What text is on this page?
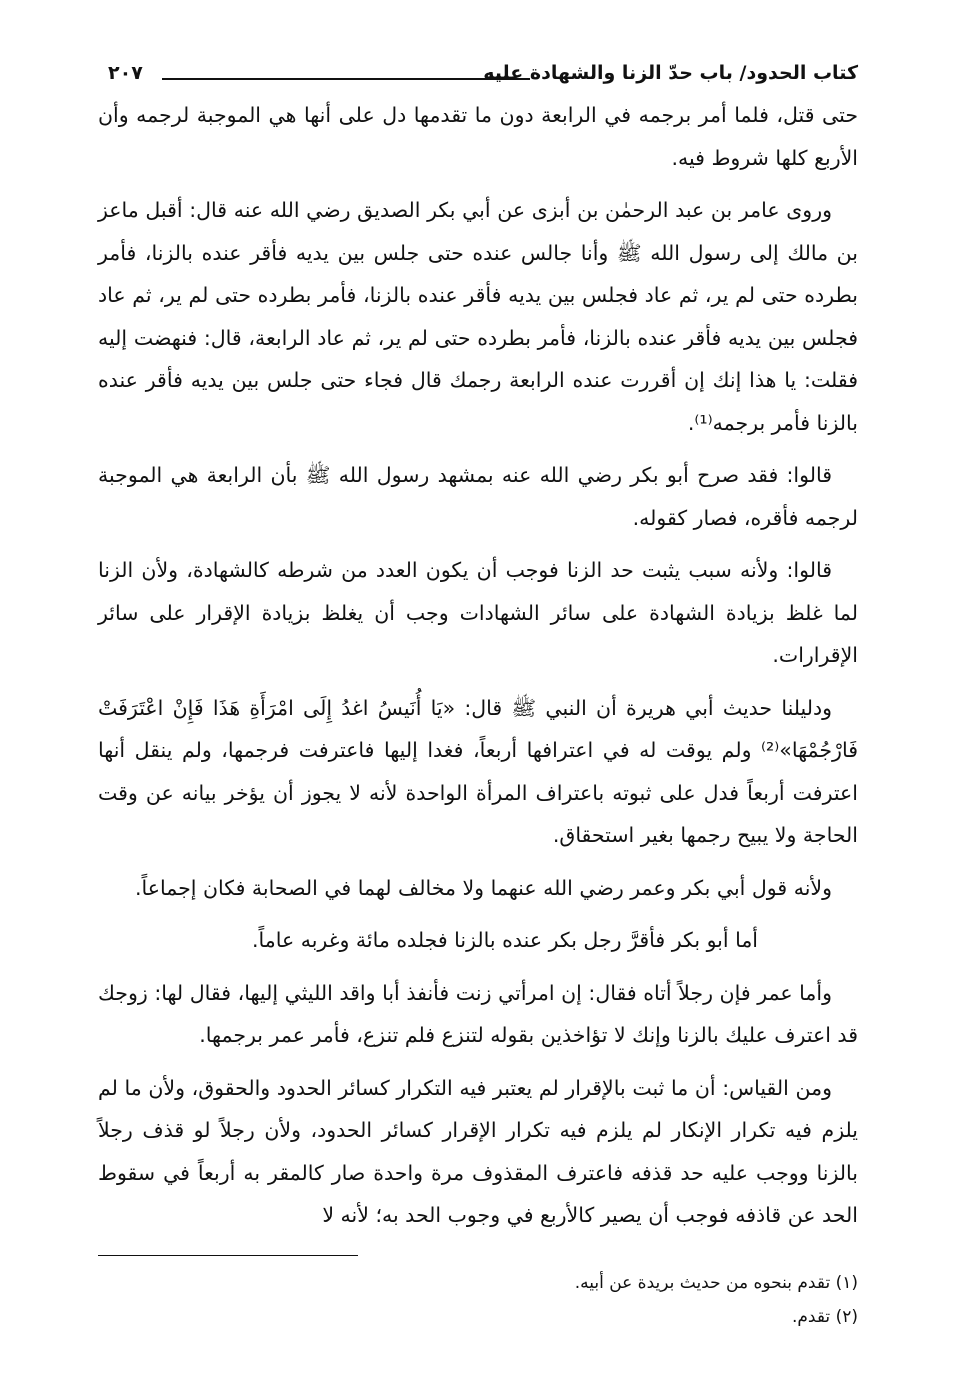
كتاب الحدود/ باب حدّ الزنا والشهادة عليه
٢٠٧

حتى قتل، فلما أمر برجمه في الرابعة دون ما تقدمها دل على أنها هي الموجبة لرجمه وأن الأربع كلها شروط فيه.

وروى عامر بن عبد الرحمٰن بن أبزى عن أبي بكر الصديق رضي الله عنه قال: أقبل ماعز بن مالك إلى رسول الله ﷺ وأنا جالس عنده حتى جلس بين يديه فأقر عنده بالزنا، فأمر بطرده حتى لم ير، ثم عاد فجلس بين يديه فأقر عنده بالزنا، فأمر بطرده حتى لم ير، ثم عاد فجلس بين يديه فأقر عنده بالزنا، فأمر بطرده حتى لم ير، ثم عاد الرابعة، قال: فنهضت إليه فقلت: يا هذا إنك إن أقررت عنده الرابعة رجمك قال فجاء حتى جلس بين يديه فأقر عنده بالزنا فأمر برجمه⁽¹⁾.

قالوا: فقد صرح أبو بكر رضي الله عنه بمشهد رسول الله ﷺ بأن الرابعة هي الموجبة لرجمه فأقره، فصار كقوله.

قالوا: ولأنه سبب يثبت حد الزنا فوجب أن يكون العدد من شرطه كالشهادة، ولأن الزنا لما غلظ بزيادة الشهادة على سائر الشهادات وجب أن يغلظ بزيادة الإقرار على سائر الإقرارات.

ودليلنا حديث أبي هريرة أن النبي ﷺ قال: «يَا أُنَيسُ اغدُ إِلَى امْرَأَةِ هَذَا فَإِنْ اعْتَرَفَتْ فَارْجُمْهَا»⁽²⁾ ولم يوقت له في اعترافها أربعاً، فغدا إليها فاعترفت فرجمها، ولم ينقل أنها اعترفت أربعاً فدل على ثبوته باعتراف المرأة الواحدة لأنه لا يجوز أن يؤخر بيانه عن وقت الحاجة ولا يبيح رجمها بغير استحقاق.

ولأنه قول أبي بكر وعمر رضي الله عنهما ولا مخالف لهما في الصحابة فكان إجماعاً.

أما أبو بكر فأقرَّ رجل بكر عنده بالزنا فجلده مائة وغربه عاماً.

وأما عمر فإن رجلاً أتاه فقال: إن امرأتي زنت فأنفذ أبا واقد الليثي إليها، فقال لها: زوجك قد اعترف عليك بالزنا وإنك لا تؤاخذين بقوله لتنزع فلم تنزع، فأمر عمر برجمها.

ومن القياس: أن ما ثبت بالإقرار لم يعتبر فيه التكرار كسائر الحدود والحقوق، ولأن ما لم يلزم فيه تكرار الإنكار لم يلزم فيه تكرار الإقرار كسائر الحدود، ولأن رجلاً لو قذف رجلاً بالزنا ووجب عليه حد قذفه فاعترف المقذوف مرة واحدة صار كالمقر به أربعاً في سقوط الحد عن قاذفه فوجب أن يصير كالأربع في وجوب الحد به؛ لأنه لا

(١) تقدم بنحوه من حديث بريدة عن أبيه.
(٢) تقدم.
